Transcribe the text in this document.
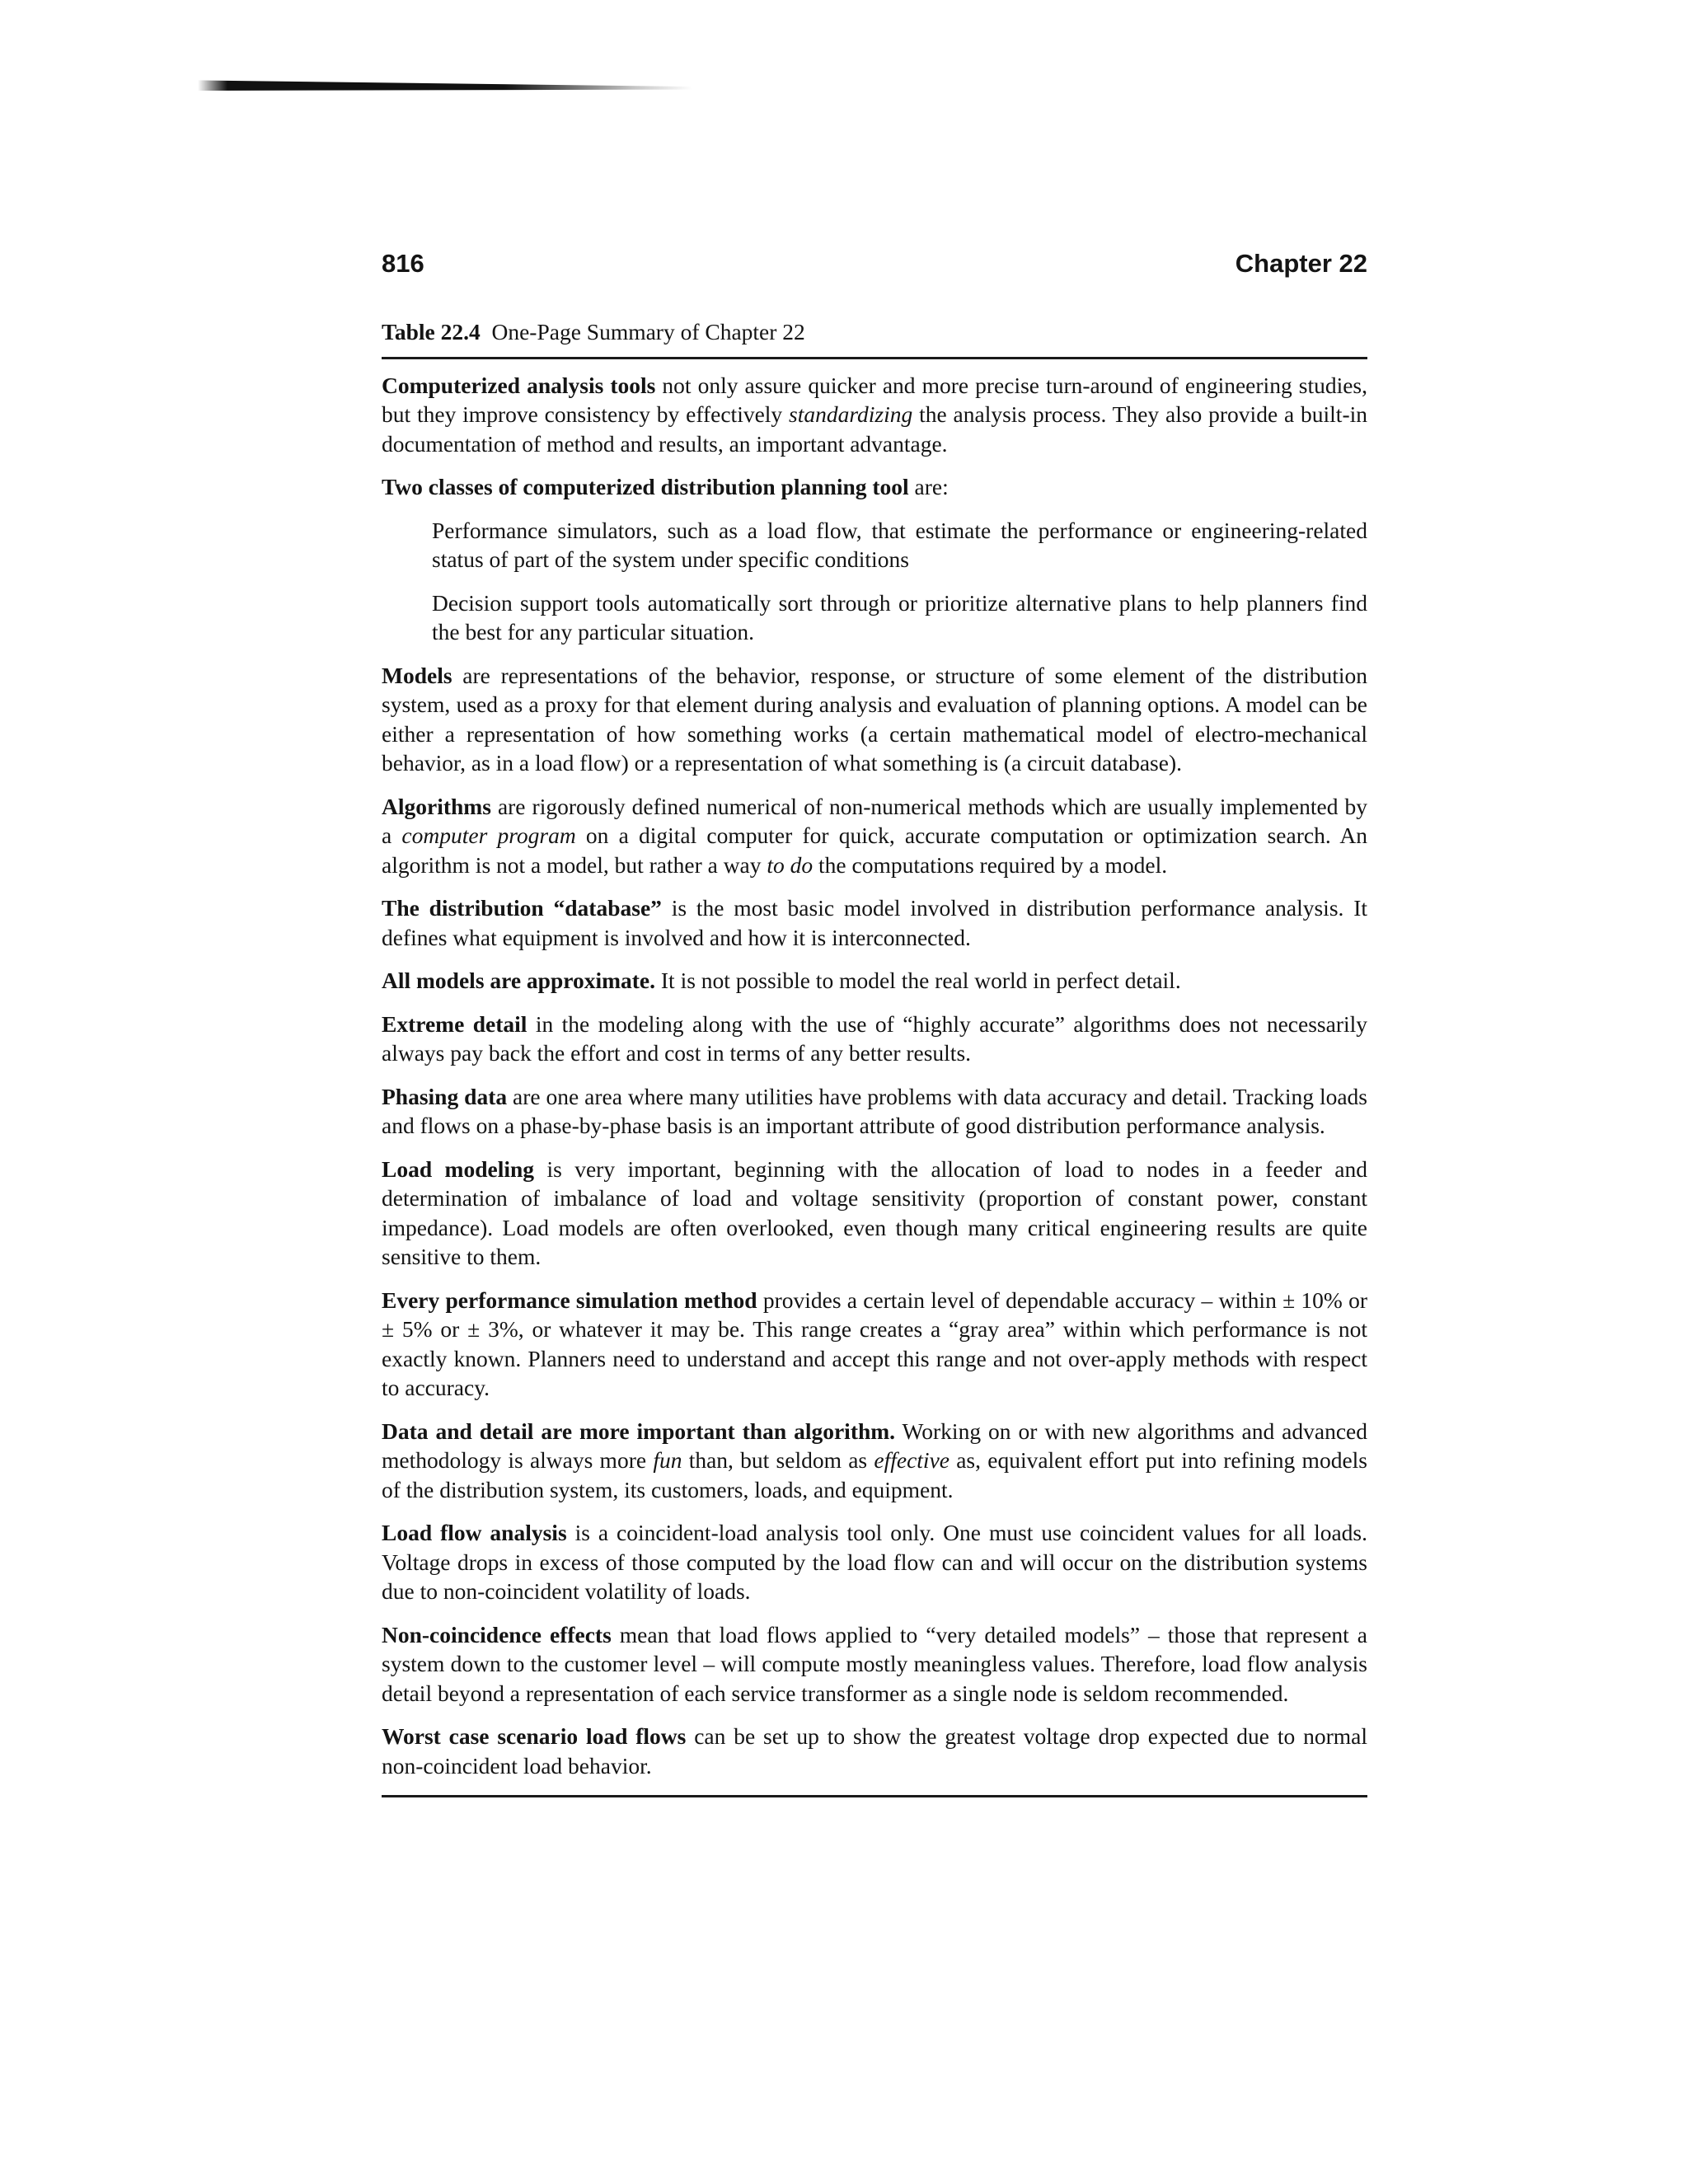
816	Chapter 22
Table 22.4 One-Page Summary of Chapter 22

Computerized analysis tools not only assure quicker and more precise turn-around of engineering studies, but they improve consistency by effectively standardizing the analysis process. They also provide a built-in documentation of method and results, an important advantage.

Two classes of computerized distribution planning tool are:

Performance simulators, such as a load flow, that estimate the performance or engineering-related status of part of the system under specific conditions

Decision support tools automatically sort through or prioritize alternative plans to help planners find the best for any particular situation.

Models are representations of the behavior, response, or structure of some element of the distribution system, used as a proxy for that element during analysis and evaluation of planning options. A model can be either a representation of how something works (a certain mathematical model of electro-mechanical behavior, as in a load flow) or a representation of what something is (a circuit database).

Algorithms are rigorously defined numerical of non-numerical methods which are usually implemented by a computer program on a digital computer for quick, accurate computation or optimization search. An algorithm is not a model, but rather a way to do the computations required by a model.

The distribution “database” is the most basic model involved in distribution performance analysis. It defines what equipment is involved and how it is interconnected.

All models are approximate. It is not possible to model the real world in perfect detail.

Extreme detail in the modeling along with the use of “highly accurate” algorithms does not necessarily always pay back the effort and cost in terms of any better results.

Phasing data are one area where many utilities have problems with data accuracy and detail. Tracking loads and flows on a phase-by-phase basis is an important attribute of good distribution performance analysis.

Load modeling is very important, beginning with the allocation of load to nodes in a feeder and determination of imbalance of load and voltage sensitivity (proportion of constant power, constant impedance). Load models are often overlooked, even though many critical engineering results are quite sensitive to them.

Every performance simulation method provides a certain level of dependable accuracy – within ± 10% or ± 5% or ± 3%, or whatever it may be. This range creates a “gray area” within which performance is not exactly known. Planners need to understand and accept this range and not over-apply methods with respect to accuracy.

Data and detail are more important than algorithm. Working on or with new algorithms and advanced methodology is always more fun than, but seldom as effective as, equivalent effort put into refining models of the distribution system, its customers, loads, and equipment.

Load flow analysis is a coincident-load analysis tool only. One must use coincident values for all loads. Voltage drops in excess of those computed by the load flow can and will occur on the distribution systems due to non-coincident volatility of loads.

Non-coincidence effects mean that load flows applied to “very detailed models” – those that represent a system down to the customer level – will compute mostly meaningless values. Therefore, load flow analysis detail beyond a representation of each service transformer as a single node is seldom recommended.

Worst case scenario load flows can be set up to show the greatest voltage drop expected due to normal non-coincident load behavior.
